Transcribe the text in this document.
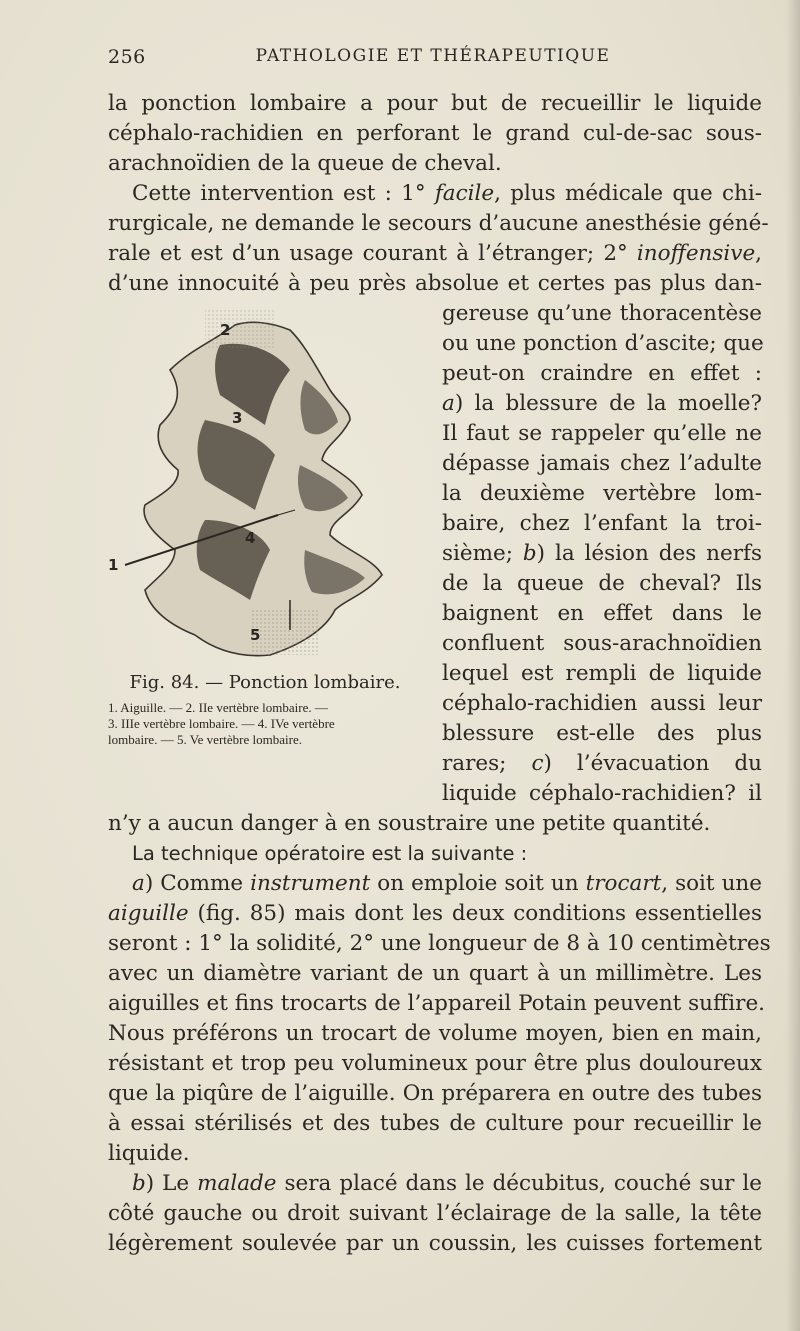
256	PATHOLOGIE ET THÉRAPEUTIQUE
la ponction lombaire a pour but de recueillir le liquide
céphalo-rachidien en perforant le grand cul-de-sac sous-
arachnoïdien de la queue de cheval.
Cette intervention est : 1° facile, plus médicale que chi-
rurgicale, ne demande le secours d’aucune anesthésie géné-
rale et est d’un usage courant à l’étranger; 2° inoffensive,
d’une innocuité à peu près absolue et certes pas plus dan-
gereuse qu’une thoracentèse
ou une ponction d’ascite; que
peut-on craindre en effet :
a) la blessure de la moelle?
Il faut se rappeler qu’elle ne
dépasse jamais chez l’adulte
la deuxième vertèbre lom-
baire, chez l’enfant la troi-
sième; b) la lésion des nerfs
de la queue de cheval? Ils
baignent en effet dans le
confluent sous-arachnoïdien
lequel est rempli de liquide
céphalo-rachidien aussi leur
blessure est-elle des plus
rares; c) l’évacuation du
liquide céphalo-rachidien? il
1
2
3
4
5
Fig. 84. — Ponction lombaire.
1. Aiguille. — 2. IIe vertèbre lombaire. —
3. IIIe vertèbre lombaire. — 4. IVe vertèbre
lombaire. — 5. Ve vertèbre lombaire.
n’y a aucun danger à en soustraire une petite quantité.
La technique opératoire est la suivante :
a) Comme instrument on emploie soit un trocart, soit une
aiguille (fig. 85) mais dont les deux conditions essentielles
seront : 1° la solidité, 2° une longueur de 8 à 10 centimètres
avec un diamètre variant de un quart à un millimètre. Les
aiguilles et fins trocarts de l’appareil Potain peuvent suffire.
Nous préférons un trocart de volume moyen, bien en main,
résistant et trop peu volumineux pour être plus douloureux
que la piqûre de l’aiguille. On préparera en outre des tubes
à essai stérilisés et des tubes de culture pour recueillir le
liquide.
b) Le malade sera placé dans le décubitus, couché sur le
côté gauche ou droit suivant l’éclairage de la salle, la tête
légèrement soulevée par un coussin, les cuisses fortement
